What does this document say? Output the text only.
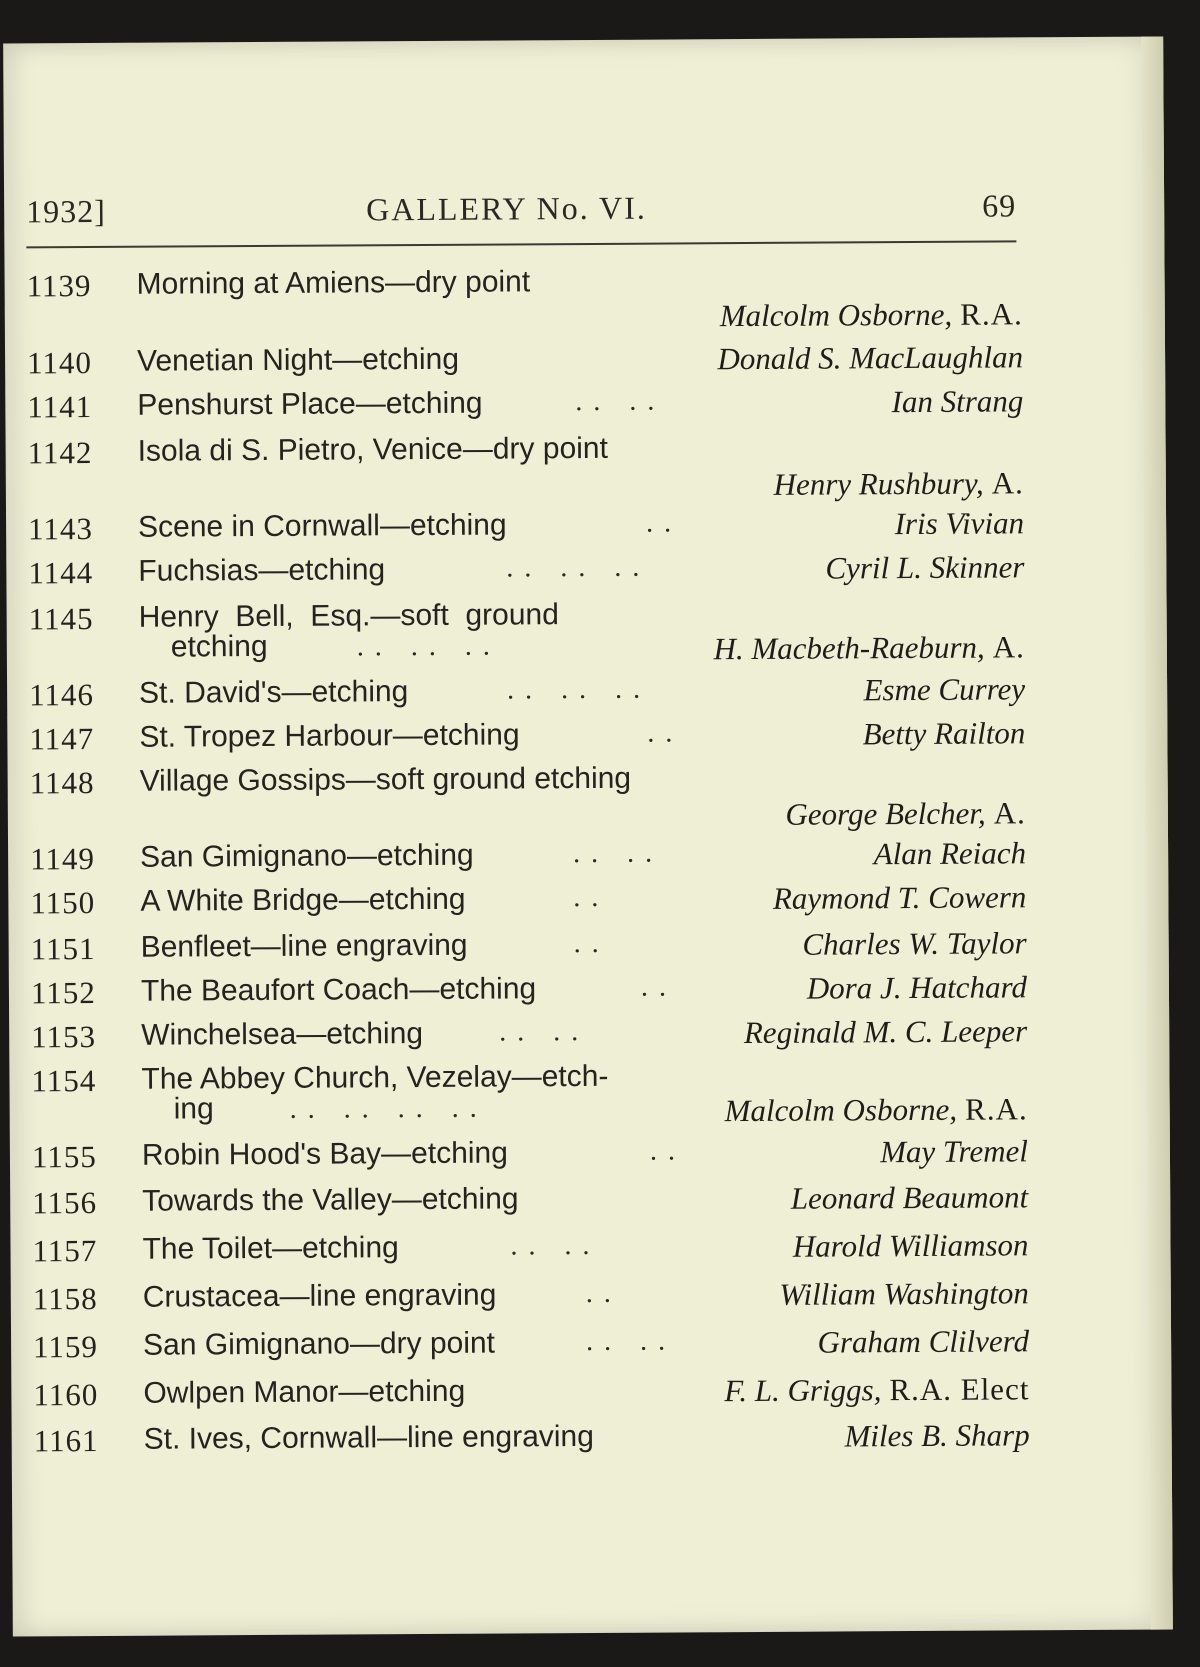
1932]	GALLERY No. VI.	69
1139 Morning at Amiens—dry point
Malcolm Osborne, R.A.
1140 Venetian Night—etching	Donald S. MacLaughlan
1141 Penshurst Place—etching	. .   . .	Ian Strang
1142 Isola di S. Pietro, Venice—dry point
Henry Rushbury, A.
1143 Scene in Cornwall—etching	. .	Iris Vivian
1144 Fuchsias—etching	. .   . .   . .	Cyril L. Skinner
1145 Henry  Bell,  Esq.—soft  ground
etching	. .   . .   . .	H. Macbeth-Raeburn, A.
1146 St. David's—etching	. .   . .   . .	Esme Currey
1147 St. Tropez Harbour—etching	. .	Betty Railton
1148 Village Gossips—soft ground etching
George Belcher, A.
1149 San Gimignano—etching	. .   . .	Alan Reiach
1150 A White Bridge—etching	. .	Raymond T. Cowern
1151 Benfleet—line engraving	. .	Charles W. Taylor
1152 The Beaufort Coach—etching	. .	Dora J. Hatchard
1153 Winchelsea—etching	. .   . .	Reginald M. C. Leeper
1154 The Abbey Church, Vezelay—etch-
ing	. .   . .   . .   . .	Malcolm Osborne, R.A.
1155 Robin Hood's Bay—etching	. .	May Tremel
1156 Towards the Valley—etching	Leonard Beaumont
1157 The Toilet—etching	. .   . .	Harold Williamson
1158 Crustacea—line engraving	. .	William Washington
1159 San Gimignano—dry point	. .   . .	Graham Clilverd
1160 Owlpen Manor—etching	F. L. Griggs, R.A. Elect
1161 St. Ives, Cornwall—line engraving	Miles B. Sharp
